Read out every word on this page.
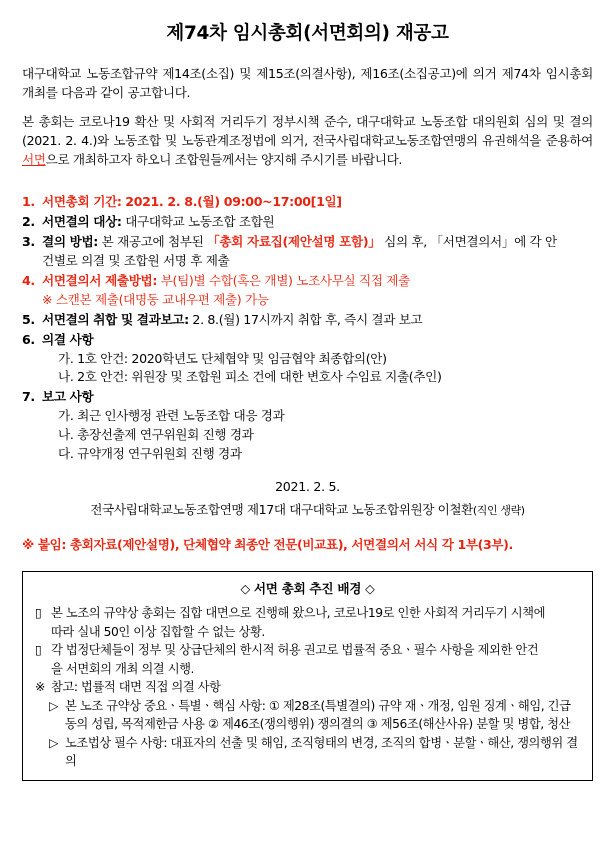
제74차 임시총회(서면회의) 재공고

대구대학교 노동조합규약 제14조(소집) 및 제15조(의결사항), 제16조(소집공고)에 의거 제74차 임시총회 개최를 다음과 같이 공고합니다.

본 총회는 코로나19 확산 및 사회적 거리두기 정부시책 준수, 대구대학교 노동조합 대의원회 심의 및 결의(2021. 2. 4.)와 노동조합 및 노동관계조정법에 의거, 전국사립대학교노동조합연맹의 유권해석을 준용하여 서면으로 개최하고자 하오니 조합원들께서는 양지해 주시기를 바랍니다.

1. 서면총회 기간: 2021. 2. 8.(월) 09:00~17:00[1일]
2. 서면결의 대상: 대구대학교 노동조합 조합원
3. 결의 방법: 본 재공고에 첨부된 「총회 자료집(제안설명 포함)」 심의 후, 「서면결의서」에 각 안
건별로 의결 및 조합원 서명 후 제출
4. 서면결의서 제출방법: 부(팀)별 수합(혹은 개별) 노조사무실 직접 제출
※ 스캔본 제출(대명동 교내우편 제출) 가능
5. 서면결의 취합 및 결과보고: 2. 8.(월) 17시까지 취합 후, 즉시 결과 보고
6. 의결 사항
가. 1호 안건: 2020학년도 단체협약 및 임금협약 최종합의(안)
나. 2호 안건: 위원장 및 조합원 피소 건에 대한 변호사 수임료 지출(추인)
7. 보고 사항
가. 최근 인사행정 관련 노동조합 대응 경과
나. 총장선출제 연구위원회 진행 경과
다. 규약개정 연구위원회 진행 경과
2021. 2. 5.
전국사립대학교노동조합연맹 제17대 대구대학교 노동조합위원장 이철환(직인 생략)
※ 붙임: 총회자료(제안설명), 단체협약 최종안 전문(비교표), 서면결의서 서식 각 1부(3부).
◇ 서면 총회 추진 배경 ◇
▯ 본 노조의 규약상 총회는 집합 대면으로 진행해 왔으나, 코로나19로 인한 사회적 거리두기 시책에
따라 실내 50인 이상 집합할 수 없는 상황.
▯ 각 법정단체들이 정부 및 상급단체의 한시적 허용 권고로 법률적 중요ㆍ필수 사항을 제외한 안건
을 서면회의 개최 의결 시행.
※ 참고: 법률적 대면 직접 의결 사항
▷ 본 노조 규약상 중요ㆍ특별ㆍ핵심 사항: ① 제28조(특별결의) 규약 재ㆍ개정, 임원 징계ㆍ해임, 긴급
동의 성립, 목적제한금 사용 ② 제46조(쟁의행위) 쟁의결의 ③ 제56조(해산사유) 분할 및 병합, 청산
▷ 노조법상 필수 사항: 대표자의 선출 및 해임, 조직형태의 변경, 조직의 합병ㆍ분할ㆍ해산, 쟁의행위 결의
